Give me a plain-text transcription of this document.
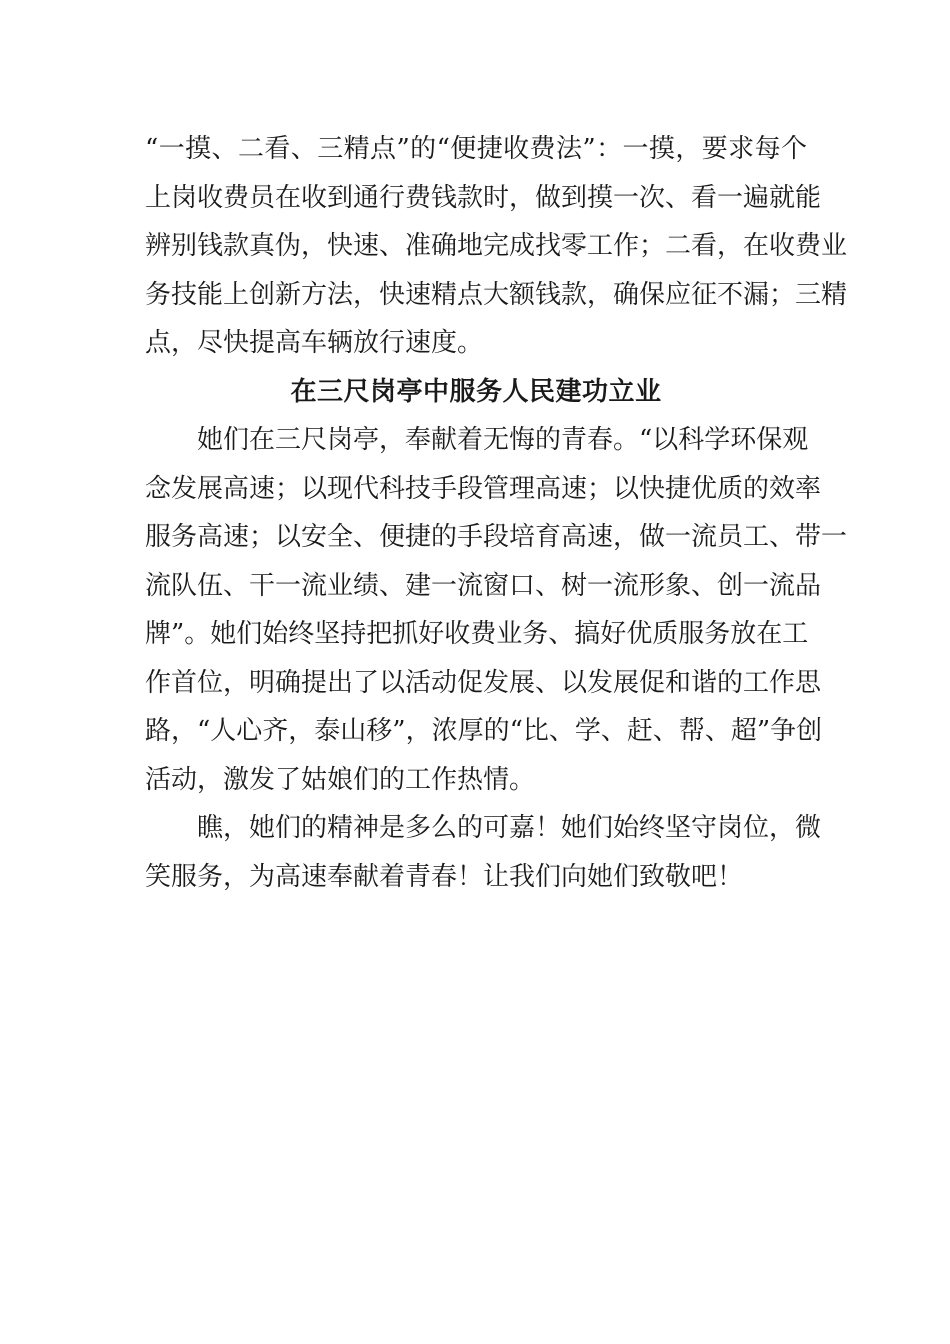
“一摸、二看、三精点”的“便捷收费法”：一摸，要求每个
上岗收费员在收到通行费钱款时，做到摸一次、看一遍就能
辨别钱款真伪，快速、准确地完成找零工作；二看，在收费业
务技能上创新方法，快速精点大额钱款，确保应征不漏；三精
点，尽快提高车辆放行速度。
在三尺岗亭中服务人民建功立业
她们在三尺岗亭，奉献着无悔的青春。“以科学环保观
念发展高速；以现代科技手段管理高速；以快捷优质的效率
服务高速；以安全、便捷的手段培育高速，做一流员工、带一
流队伍、干一流业绩、建一流窗口、树一流形象、创一流品
牌”。她们始终坚持把抓好收费业务、搞好优质服务放在工
作首位，明确提出了以活动促发展、以发展促和谐的工作思
路，“人心齐，泰山移”，浓厚的“比、学、赶、帮、超”争创
活动，激发了姑娘们的工作热情。
瞧，她们的精神是多么的可嘉！她们始终坚守岗位，微
笑服务，为高速奉献着青春！让我们向她们致敬吧！
